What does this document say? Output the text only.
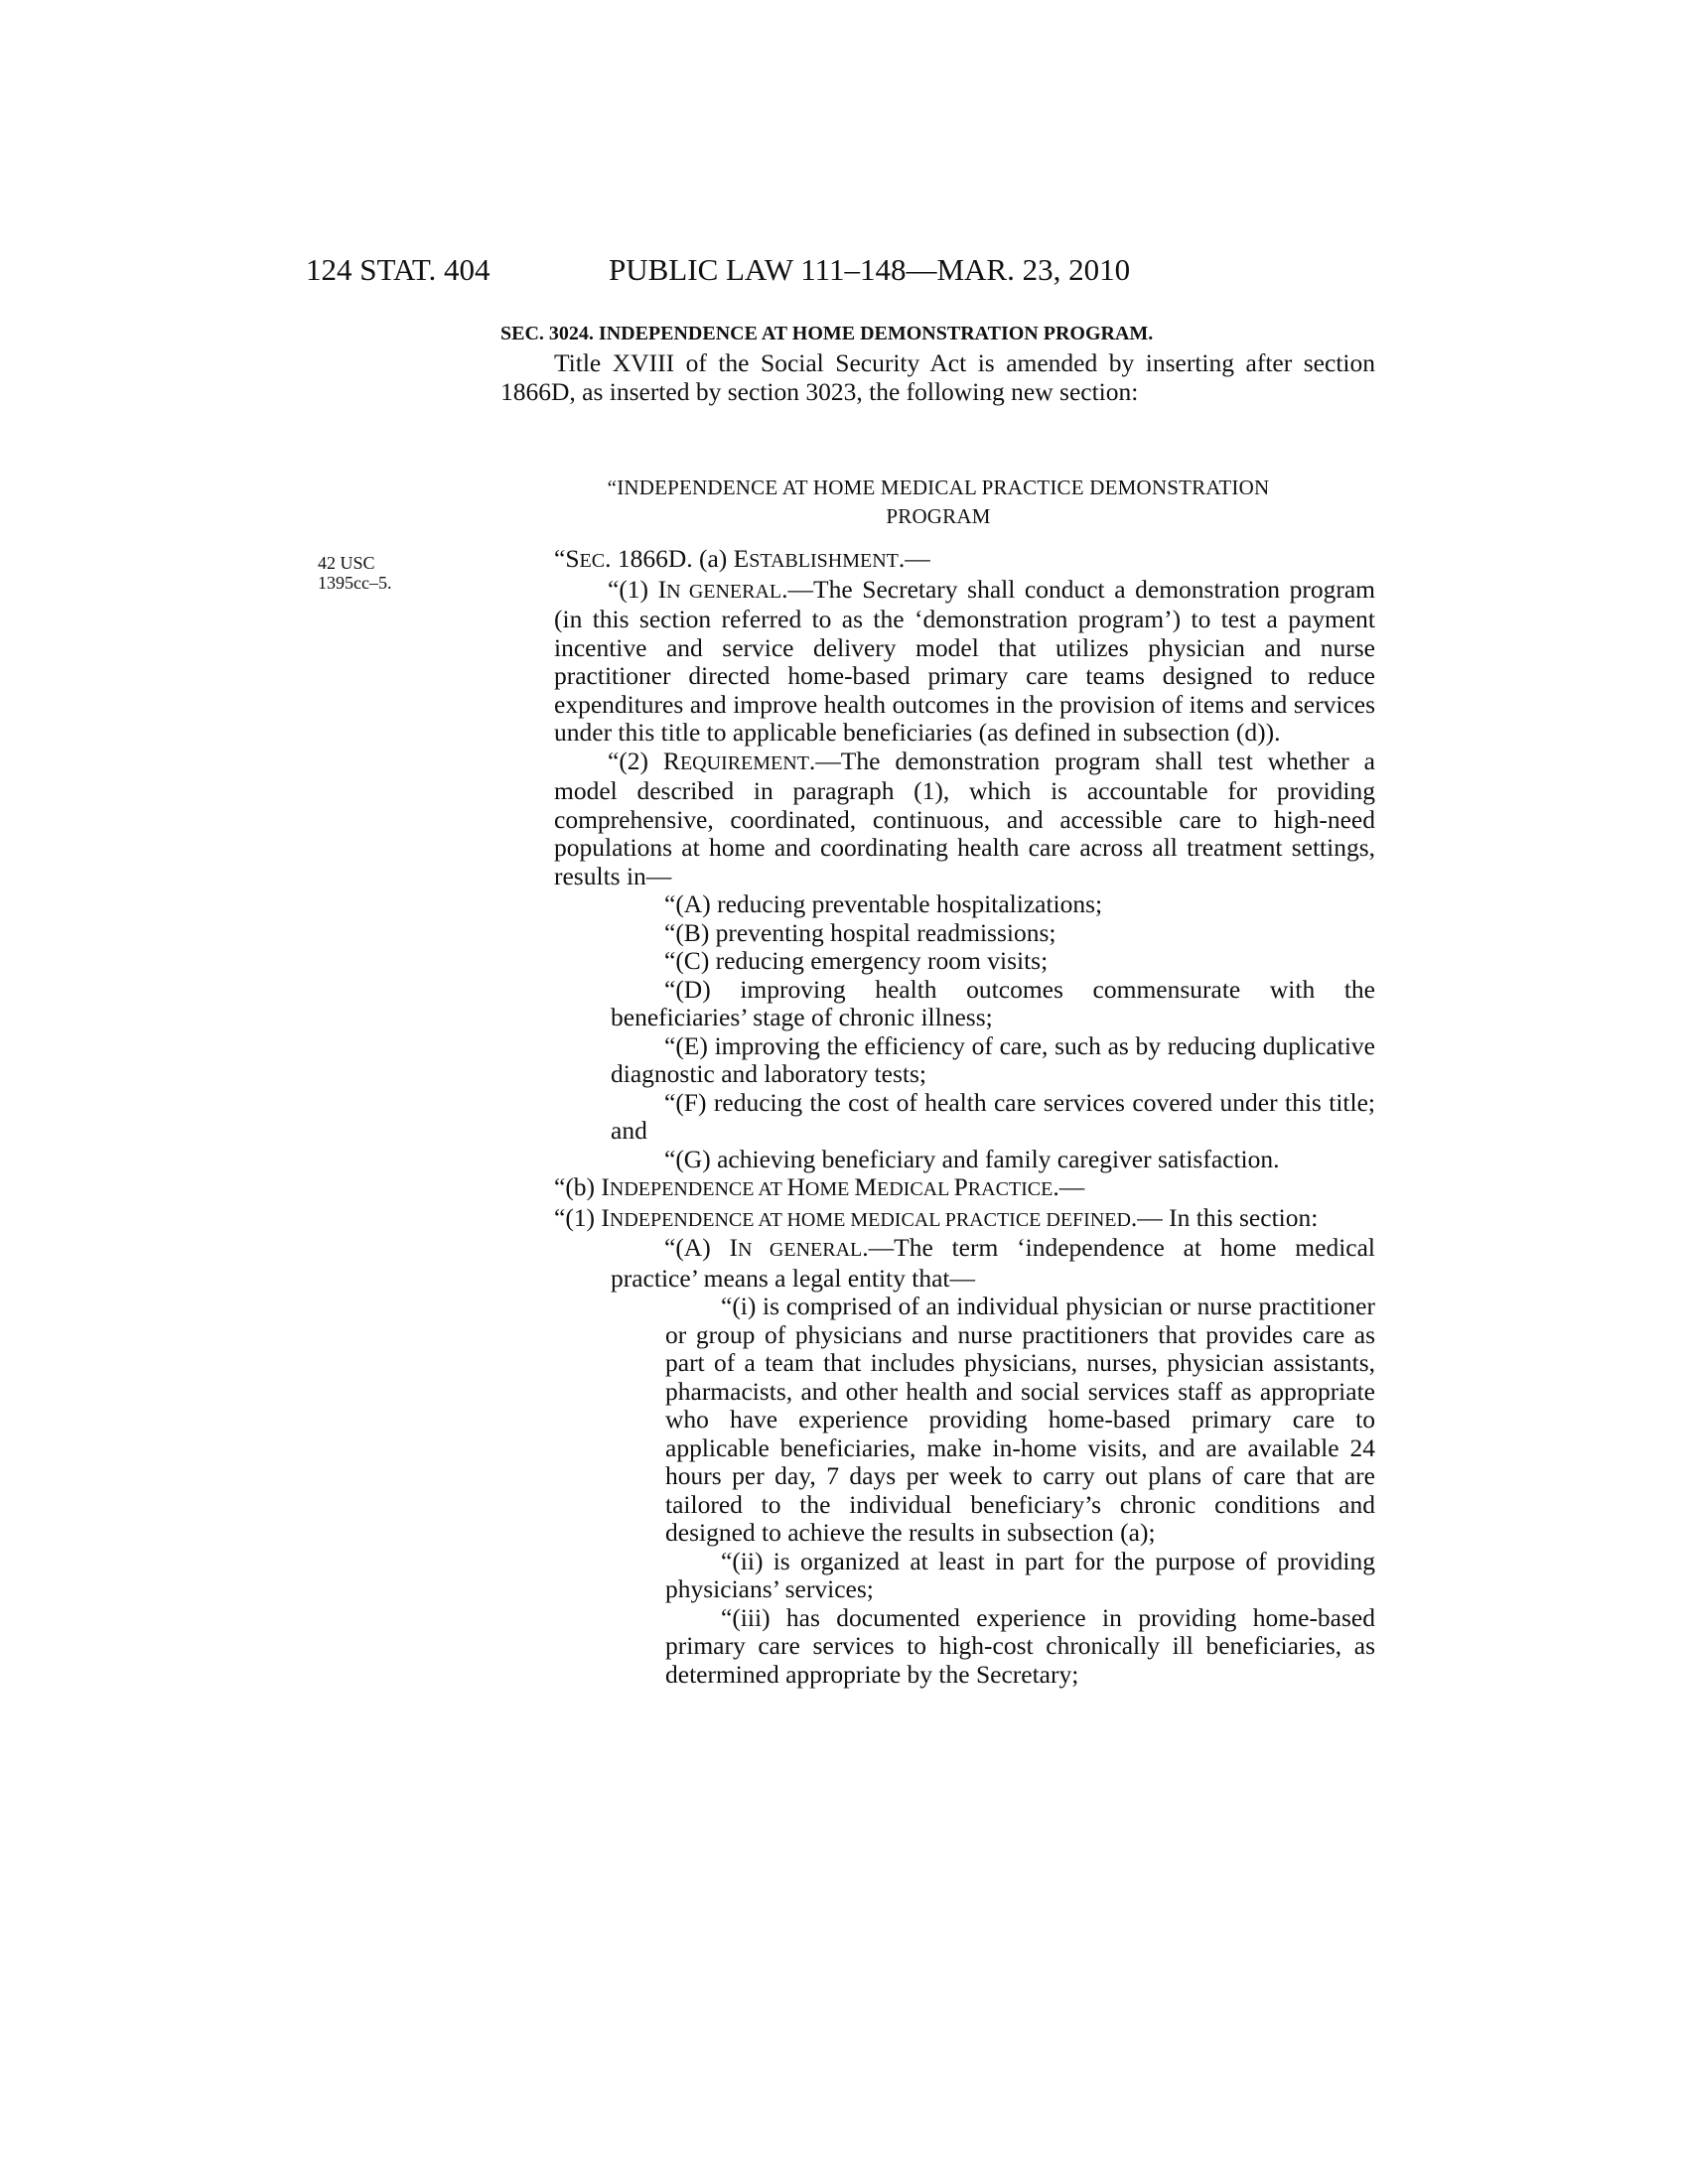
124 STAT. 404	PUBLIC LAW 111–148—MAR. 23, 2010
SEC. 3024. INDEPENDENCE AT HOME DEMONSTRATION PROGRAM.

Title XVIII of the Social Security Act is amended by inserting after section 1866D, as inserted by section 3023, the following new section:

“INDEPENDENCE AT HOME MEDICAL PRACTICE DEMONSTRATION
PROGRAM
42 USC
1395cc–5.

“SEC. 1866D. (a) ESTABLISHMENT.—

“(1) IN GENERAL.—The Secretary shall conduct a demonstration program (in this section referred to as the ‘demonstration program’) to test a payment incentive and service delivery model that utilizes physician and nurse practitioner directed home-based primary care teams designed to reduce expenditures and improve health outcomes in the provision of items and services under this title to applicable beneficiaries (as defined in subsection (d)).

“(2) REQUIREMENT.—The demonstration program shall test whether a model described in paragraph (1), which is accountable for providing comprehensive, coordinated, continuous, and accessible care to high-need populations at home and coordinating health care across all treatment settings, results in—

“(A) reducing preventable hospitalizations;

“(B) preventing hospital readmissions;

“(C) reducing emergency room visits;

“(D) improving health outcomes commensurate with the beneficiaries’ stage of chronic illness;

“(E) improving the efficiency of care, such as by reducing duplicative diagnostic and laboratory tests;

“(F) reducing the cost of health care services covered under this title; and

“(G) achieving beneficiary and family caregiver satisfaction.

“(b) INDEPENDENCE AT HOME MEDICAL PRACTICE.—

“(1) INDEPENDENCE AT HOME MEDICAL PRACTICE DEFINED.— In this section:

“(A) IN GENERAL.—The term ‘independence at home medical practice’ means a legal entity that—

“(i) is comprised of an individual physician or nurse practitioner or group of physicians and nurse practitioners that provides care as part of a team that includes physicians, nurses, physician assistants, pharmacists, and other health and social services staff as appropriate who have experience providing home-based primary care to applicable beneficiaries, make in-home visits, and are available 24 hours per day, 7 days per week to carry out plans of care that are tailored to the individual beneficiary’s chronic conditions and designed to achieve the results in subsection (a);

“(ii) is organized at least in part for the purpose of providing physicians’ services;

“(iii) has documented experience in providing home-based primary care services to high-cost chronically ill beneficiaries, as determined appropriate by the Secretary;
